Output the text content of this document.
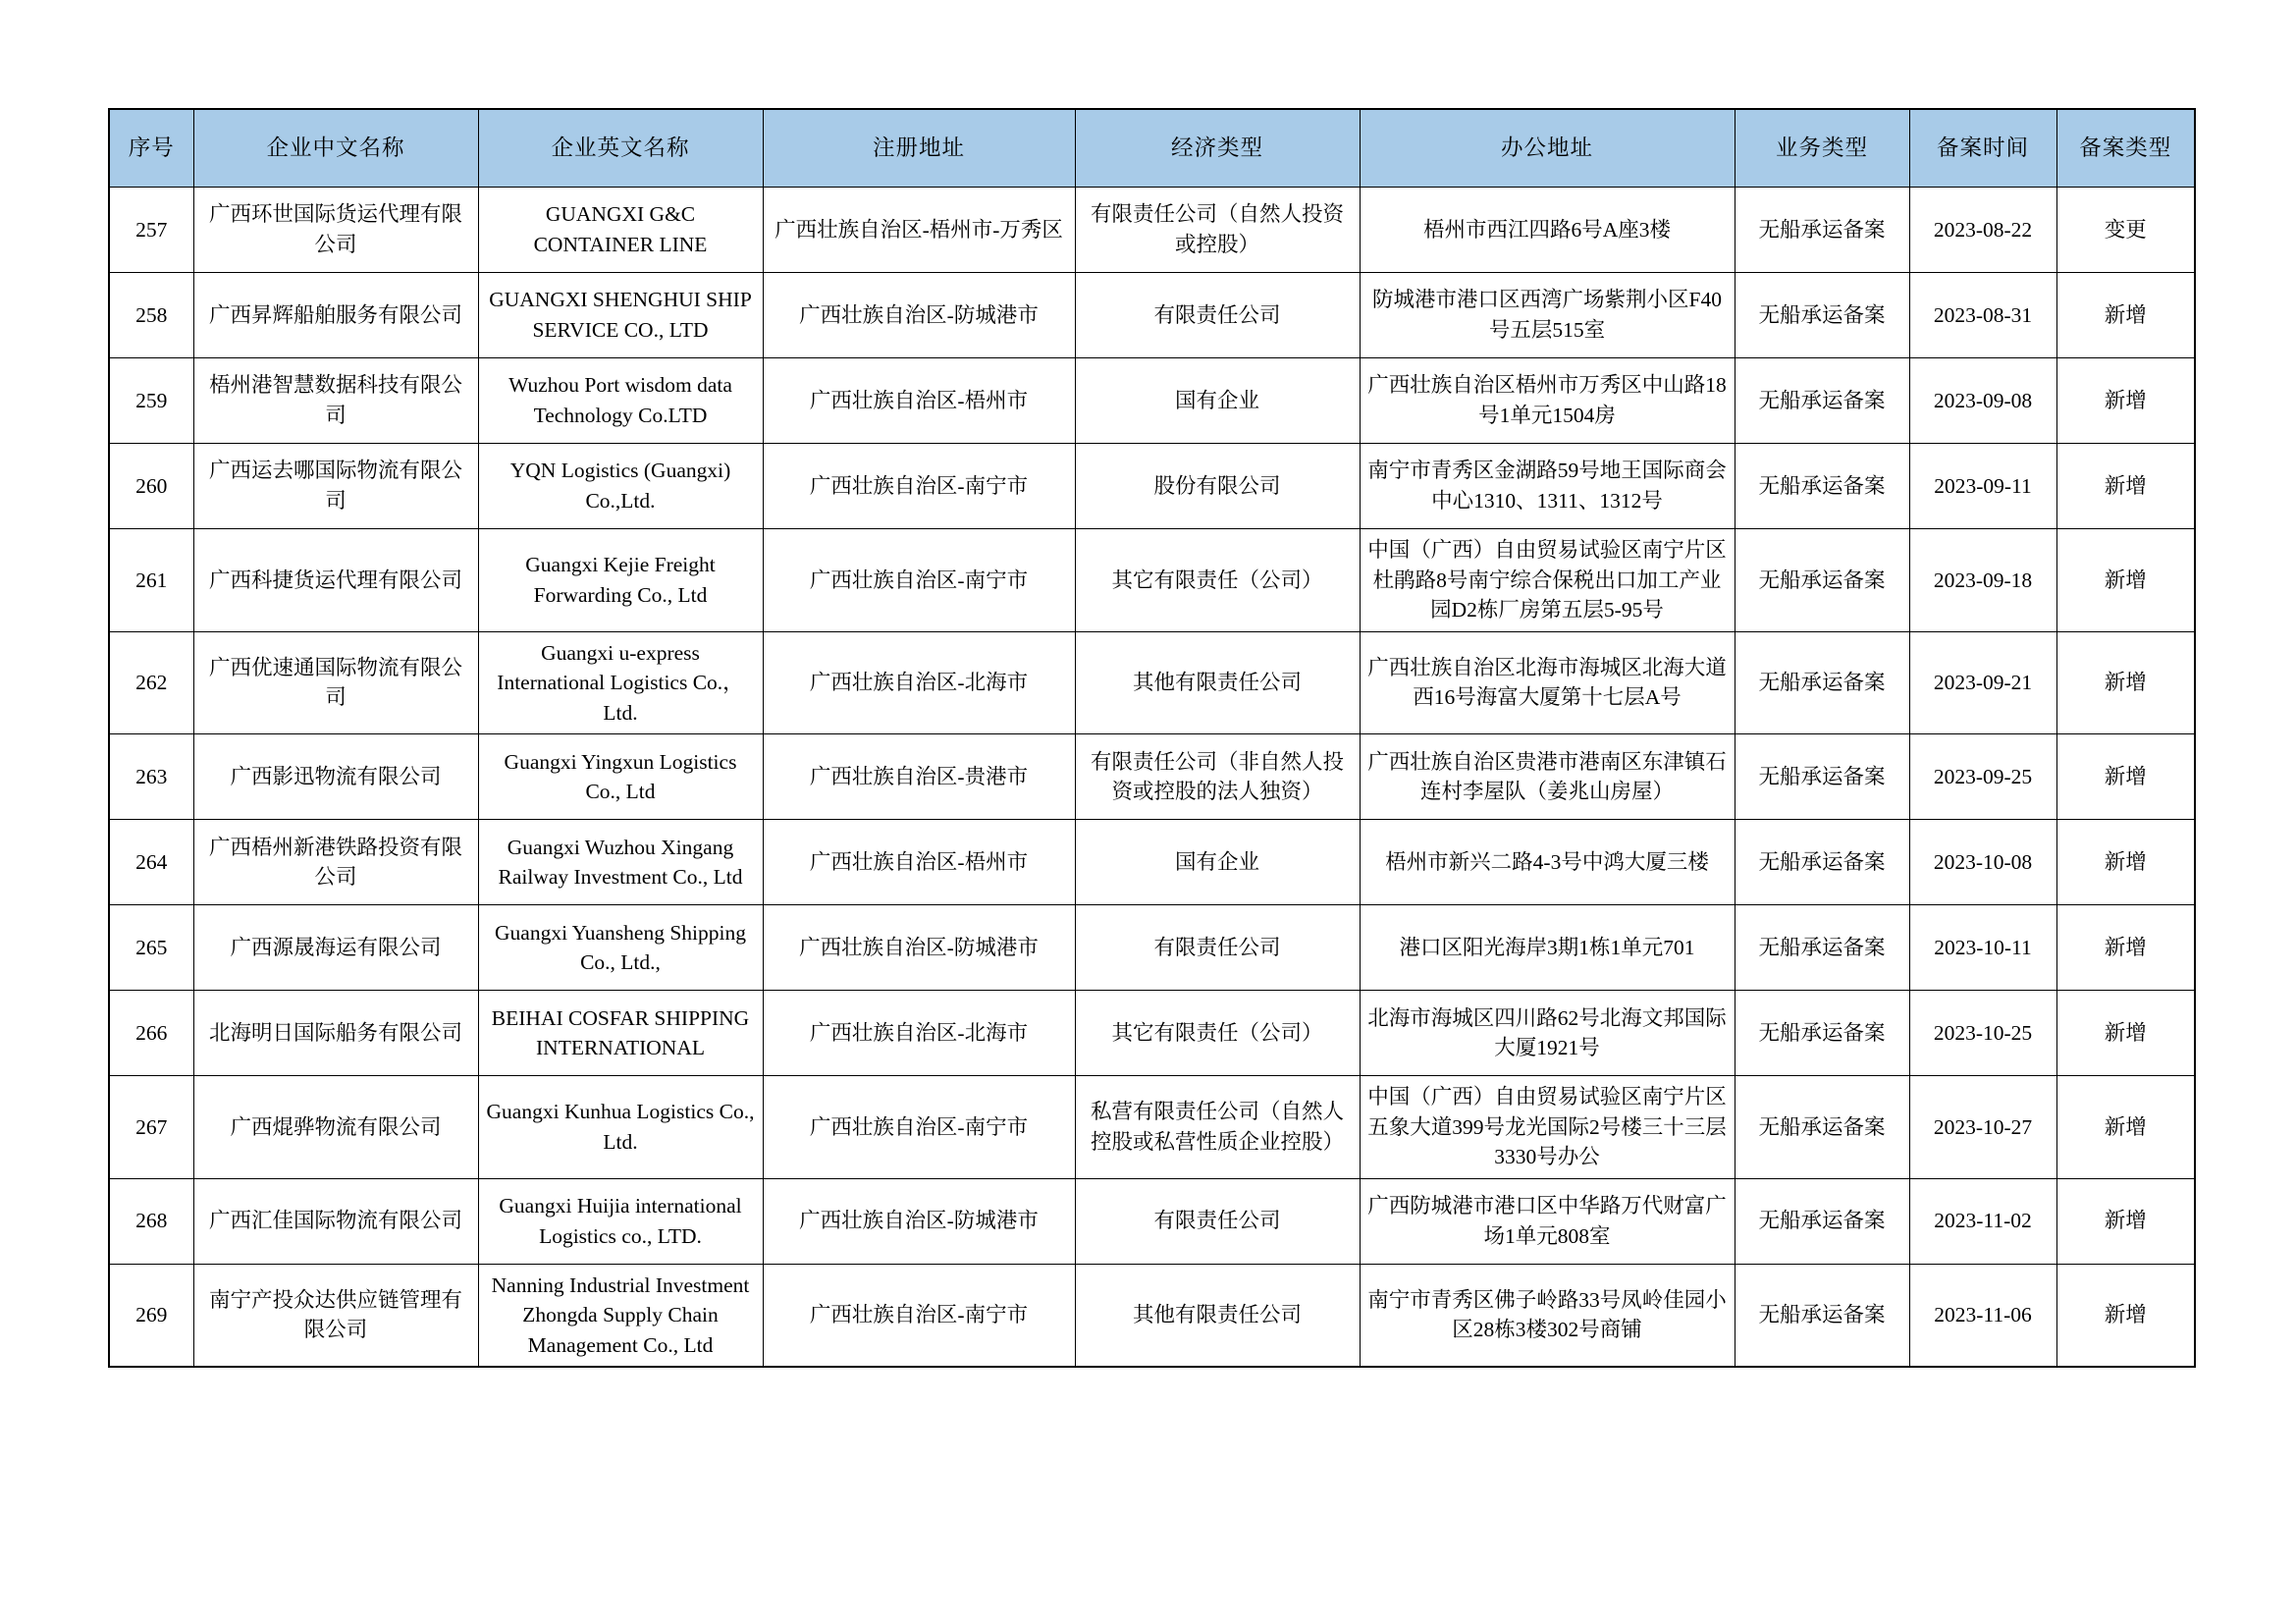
序号	企业中文名称	企业英文名称	注册地址	经济类型	办公地址	业务类型	备案时间	备案类型
257	广西环世国际货运代理有限公司	GUANGXI G&C CONTAINER LINE	广西壮族自治区-梧州市-万秀区	有限责任公司（自然人投资或控股）	梧州市西江四路6号A座3楼	无船承运备案	2023-08-22	变更
258	广西昇辉船舶服务有限公司	GUANGXI SHENGHUI SHIP SERVICE CO., LTD	广西壮族自治区-防城港市	有限责任公司	防城港市港口区西湾广场紫荆小区F40号五层515室	无船承运备案	2023-08-31	新增
259	梧州港智慧数据科技有限公司	Wuzhou Port wisdom data Technology Co.LTD	广西壮族自治区-梧州市	国有企业	广西壮族自治区梧州市万秀区中山路18号1单元1504房	无船承运备案	2023-09-08	新增
260	广西运去哪国际物流有限公司	YQN Logistics (Guangxi) Co.,Ltd.	广西壮族自治区-南宁市	股份有限公司	南宁市青秀区金湖路59号地王国际商会中心1310、1311、1312号	无船承运备案	2023-09-11	新增
261	广西科捷货运代理有限公司	Guangxi Kejie Freight Forwarding Co., Ltd	广西壮族自治区-南宁市	其它有限责任（公司）	中国（广西）自由贸易试验区南宁片区杜鹃路8号南宁综合保税出口加工产业园D2栋厂房第五层5-95号	无船承运备案	2023-09-18	新增
262	广西优速通国际物流有限公司	Guangxi u-express International Logistics Co.，Ltd.	广西壮族自治区-北海市	其他有限责任公司	广西壮族自治区北海市海城区北海大道西16号海富大厦第十七层A号	无船承运备案	2023-09-21	新增
263	广西影迅物流有限公司	Guangxi Yingxun Logistics Co., Ltd	广西壮族自治区-贵港市	有限责任公司（非自然人投资或控股的法人独资）	广西壮族自治区贵港市港南区东津镇石连村李屋队（姜兆山房屋）	无船承运备案	2023-09-25	新增
264	广西梧州新港铁路投资有限公司	Guangxi Wuzhou Xingang Railway Investment Co., Ltd	广西壮族自治区-梧州市	国有企业	梧州市新兴二路4-3号中鸿大厦三楼	无船承运备案	2023-10-08	新增
265	广西源晟海运有限公司	Guangxi Yuansheng Shipping Co., Ltd.,	广西壮族自治区-防城港市	有限责任公司	港口区阳光海岸3期1栋1单元701	无船承运备案	2023-10-11	新增
266	北海明日国际船务有限公司	BEIHAI COSFAR SHIPPING INTERNATIONAL	广西壮族自治区-北海市	其它有限责任（公司）	北海市海城区四川路62号北海文邦国际大厦1921号	无船承运备案	2023-10-25	新增
267	广西焜骅物流有限公司	Guangxi Kunhua Logistics Co., Ltd.	广西壮族自治区-南宁市	私营有限责任公司（自然人控股或私营性质企业控股）	中国（广西）自由贸易试验区南宁片区五象大道399号龙光国际2号楼三十三层3330号办公	无船承运备案	2023-10-27	新增
268	广西汇佳国际物流有限公司	Guangxi Huijia international Logistics co., LTD.	广西壮族自治区-防城港市	有限责任公司	广西防城港市港口区中华路万代财富广场1单元808室	无船承运备案	2023-11-02	新增
269	南宁产投众达供应链管理有限公司	Nanning Industrial Investment Zhongda Supply Chain Management Co., Ltd	广西壮族自治区-南宁市	其他有限责任公司	南宁市青秀区佛子岭路33号凤岭佳园小区28栋3楼302号商铺	无船承运备案	2023-11-06	新增
